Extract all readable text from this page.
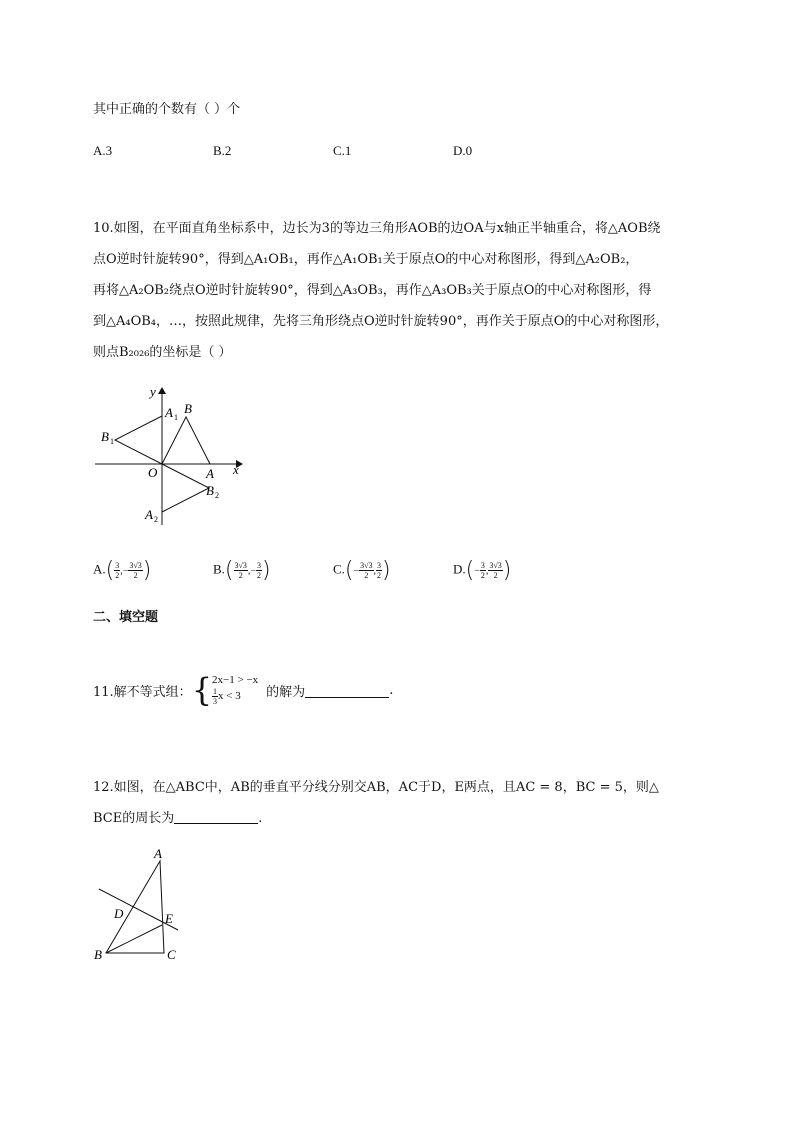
其中正确的个数有（ ）个
A.3	B.2	C.1	D.0
10.如图，在平面直角坐标系中，边长为3的等边三角形AOB的边OA与x轴正半轴重合，将△AOB绕
点O逆时针旋转90°，得到△A₁OB₁，再作△A₁OB₁关于原点O的中心对称图形，得到△A₂OB₂，
再将△A₂OB₂绕点O逆时针旋转90°，得到△A₃OB₃，再作△A₃OB₃关于原点O的中心对称图形，得
到△A₄OB₄，…，按照此规律，先将三角形绕点O逆时针旋转90°，再作关于原点O的中心对称图形，
则点B₂₀₂₆的坐标是（ ）
y
x
O	A
B
A 1
B 1
B 2
A 2
$A.( \frac{3}{2}$ ,− $\frac{3√3}{2}$ )	$B.( \frac{3√3}{2}$ ,− $\frac{3}{2}$ )	$C.(- \frac{3√3}{2}$ , $\frac{3}{2}$ )	$D.(- \frac{3}{2}$ , $\frac{3√3}{2}$ )
二、填空题
11.解不等式组： { 2x−1 > −x
$\frac{1}{3}$ x < 3	的解为	.
12.如图，在△ABC中，AB的垂直平分线分别交AB，AC于D，E两点，且AC = 8，BC = 5，则△
BCE的周长为	.
A
B	C
D	E
